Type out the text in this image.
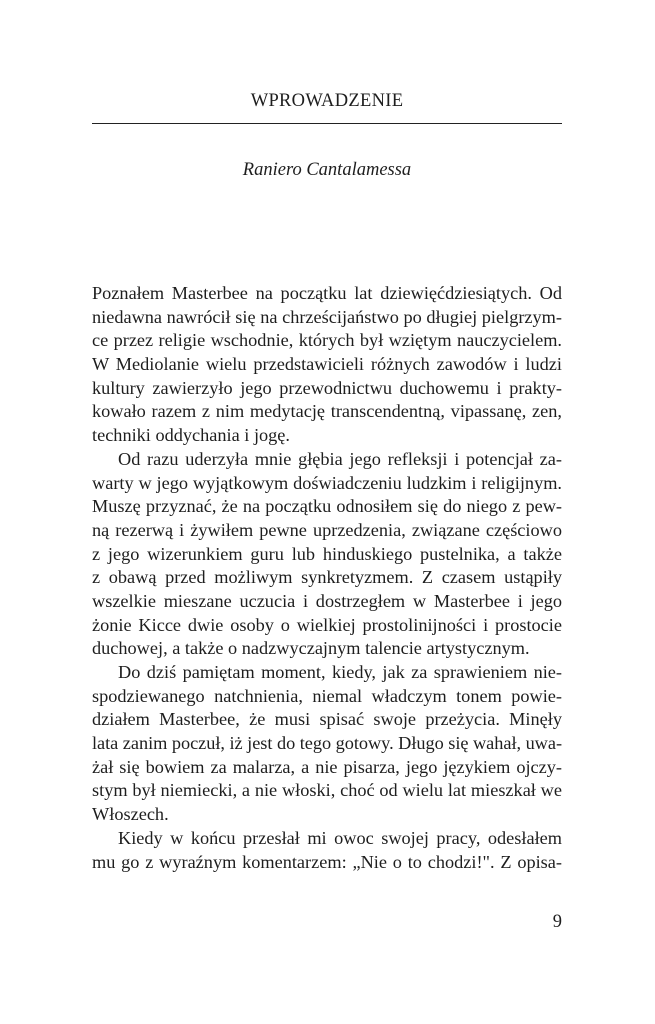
WPROWADZENIE

Raniero Cantalamessa

Poznałem Masterbee na początku lat dziewięćdziesiątych. Od
niedawna nawrócił się na chrześcijaństwo po długiej pielgrzym-
ce przez religie wschodnie, których był wziętym nauczycielem.
W Mediolanie wielu przedstawicieli różnych zawodów i ludzi
kultury zawierzyło jego przewodnictwu duchowemu i prakty-
kowało razem z nim medytację transcendentną, vipassanę, zen,
techniki oddychania i jogę.
Od razu uderzyła mnie głębia jego refleksji i potencjał za-
warty w jego wyjątkowym doświadczeniu ludzkim i religijnym.
Muszę przyznać, że na początku odnosiłem się do niego z pew-
ną rezerwą i żywiłem pewne uprzedzenia, związane częściowo
z jego wizerunkiem guru lub hinduskiego pustelnika, a także
z obawą przed możliwym synkretyzmem. Z czasem ustąpiły
wszelkie mieszane uczucia i dostrzegłem w Masterbee i jego
żonie Kicce dwie osoby o wielkiej prostolinijności i prostocie
duchowej, a także o nadzwyczajnym talencie artystycznym.
Do dziś pamiętam moment, kiedy, jak za sprawieniem nie-
spodziewanego natchnienia, niemal władczym tonem powie-
działem Masterbee, że musi spisać swoje przeżycia. Minęły
lata zanim poczuł, iż jest do tego gotowy. Długo się wahał, uwa-
żał się bowiem za malarza, a nie pisarza, jego językiem ojczy-
stym był niemiecki, a nie włoski, choć od wielu lat mieszkał we
Włoszech.
Kiedy w końcu przesłał mi owoc swojej pracy, odesłałem
mu go z wyraźnym komentarzem: „Nie o to chodzi!". Z opisa-

9
